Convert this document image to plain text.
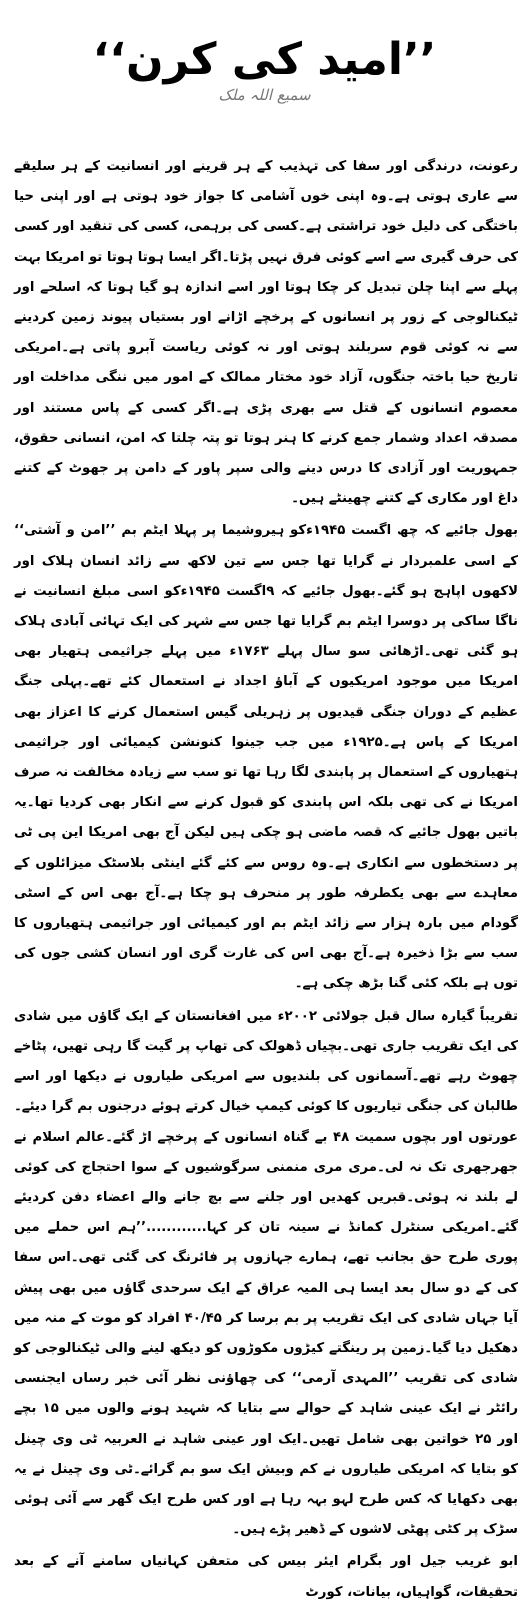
’’امید کی کرن‘‘
سمیع اللہ ملک

رعونت، درندگی اور سفا کی تہذیب کے ہر قرینے اور انسانیت کے ہر سلیقے سے عاری ہوتی ہے۔وہ اپنی خوں آشامی کا جواز خود ہوتی ہے اور اپنی حیا باختگی کی دلیل خود تراشتی ہے۔کسی کی برہمی، کسی کی تنقید اور کسی کی حرف گیری سے اسے کوئی فرق نہیں پڑتا۔اگر ایسا ہوتا ہوتا تو امریکا بہت پہلے سے اپنا چلن تبدیل کر چکا ہوتا اور اسے اندازہ ہو گیا ہوتا کہ اسلحے اور ٹیکنالوجی کے زور پر انسانوں کے پرخچے اڑانے اور بستیاں پیوند زمین کردینے سے نہ کوئی قوم سربلند ہوتی اور نہ کوئی ریاست آبرو پاتی ہے۔امریکی تاریخ حیا باختہ جنگوں، آزاد خود مختار ممالک کے امور میں ننگی مداخلت اور معصوم انسانوں کے قتل سے بھری پڑی ہے۔اگر کسی کے پاس مستند اور مصدقہ اعداد وشمار جمع کرنے کا ہنر ہوتا تو پتہ چلتا کہ امن، انسانی حقوق، جمہوریت اور آزادی کا درس دینے والی سپر پاور کے دامن پر جھوٹ کے کتنے داغ اور مکاری کے کتنے چھینٹے ہیں۔

بھول جائیے کہ چھ اگست ۱۹۴۵ءکو ہیروشیما پر پہلا ایٹم بم ’’امن و آشتی‘‘ کے اسی علمبردار نے گرایا تھا جس سے تین لاکھ سے زائد انسان ہلاک اور لاکھوں اپاہج ہو گئے۔بھول جائیے کہ ۹اگست ۱۹۴۵ءکو اسی مبلغ انسانیت نے ناگا ساکی پر دوسرا ایٹم بم گرایا تھا جس سے شہر کی ایک تہائی آبادی ہلاک ہو گئی تھی۔اڑھائی سو سال پہلے ۱۷۶۳ء میں پہلے جراثیمی ہتھیار بھی امریکا میں موجود امریکیوں کے آباؤ اجداد نے استعمال کئے تھے۔پہلی جنگ عظیم کے دوران جنگی قیدیوں پر زہریلی گیس استعمال کرنے کا اعزاز بھی امریکا کے پاس ہے۔۱۹۲۵ء میں جب جینوا کنونشن کیمیائی اور جراثیمی ہتھیاروں کے استعمال پر پابندی لگا رہا تھا تو سب سے زیادہ مخالفت نہ صرف امریکا نے کی تھی بلکہ اس پابندی کو قبول کرنے سے انکار بھی کردیا تھا۔یہ باتیں بھول جائیے کہ قصہ ماضی ہو چکی ہیں لیکن آج بھی امریکا این پی ٹی پر دستخطوں سے انکاری ہے۔وہ روس سے کئے گئے اینٹی بلاسٹک میزائلوں کے معاہدے سے بھی یکطرفہ طور پر منحرف ہو چکا ہے۔آج بھی اس کے اسٹی گودام میں بارہ ہزار سے زائد ایٹم بم اور کیمیائی اور جراثیمی ہتھیاروں کا سب سے بڑا ذخیرہ ہے۔آج بھی اس کی غارت گری اور انسان کشی جوں کی توں ہے بلکہ کئی گنا بڑھ چکی ہے۔

تقریباً گیارہ سال قبل جولائی ۲۰۰۲ء میں افغانستان کے ایک گاؤں میں شادی کی ایک تقریب جاری تھی۔بچیاں ڈھولک کی تھاپ پر گیت گا رہی تھیں، پٹاخے چھوٹ رہے تھے۔آسمانوں کی بلندیوں سے امریکی طیاروں نے دیکھا اور اسے طالبان کی جنگی تیاریوں کا کوئی کیمپ خیال کرتے ہوئے درجنوں بم گرا دیئے۔عورتوں اور بچوں سمیت ۴۸ بے گناہ انسانوں کے پرخچے اڑ گئے۔عالم اسلام نے جھرجھری تک نہ لی۔مری مری منمنی سرگوشیوں کے سوا احتجاج کی کوئی لے بلند نہ ہوئی۔قبریں کھدیں اور جلنے سے بچ جانے والے اعضاء دفن کردیئے گئے۔امریکی سنٹرل کمانڈ نے سینہ تان کر کہا............’’ہم اس حملے میں پوری طرح حق بجانب تھے، ہمارے جہازوں پر فائرنگ کی گئی تھی۔اس سفا کی کے دو سال بعد ایسا ہی المیہ عراق کے ایک سرحدی گاؤں میں بھی پیش آیا جہاں شادی کی ایک تقریب پر بم برسا کر ۴۰/۴۵ افراد کو موت کے منہ میں دھکیل دیا گیا۔زمین پر رینگتے کیڑوں مکوڑوں کو دیکھ لینے والی ٹیکنالوجی کو شادی کی تقریب ’’المہدی آرمی‘‘ کی چھاؤنی نظر آئی خبر رساں ایجنسی رائٹر نے ایک عینی شاہد کے حوالے سے بتایا کہ شہید ہونے والوں میں ۱۵ بچے اور ۲۵ خواتین بھی شامل تھیں۔ایک اور عینی شاہد نے العربیہ ٹی وی چینل کو بتایا کہ امریکی طیاروں نے کم وبیش ایک سو بم گرائے۔ٹی وی چینل نے یہ بھی دکھایا کہ کس طرح لہو بہہ رہا ہے اور کس طرح ایک گھر سے آئی ہوئی سڑک پر کٹی پھٹی لاشوں کے ڈھیر پڑے ہیں۔

ابو غریب جیل اور بگرام ایئر بیس کی متعفن کہانیاں سامنے آنے کے بعد تحقیقات، گواہیاں، بیانات، کورٹ
